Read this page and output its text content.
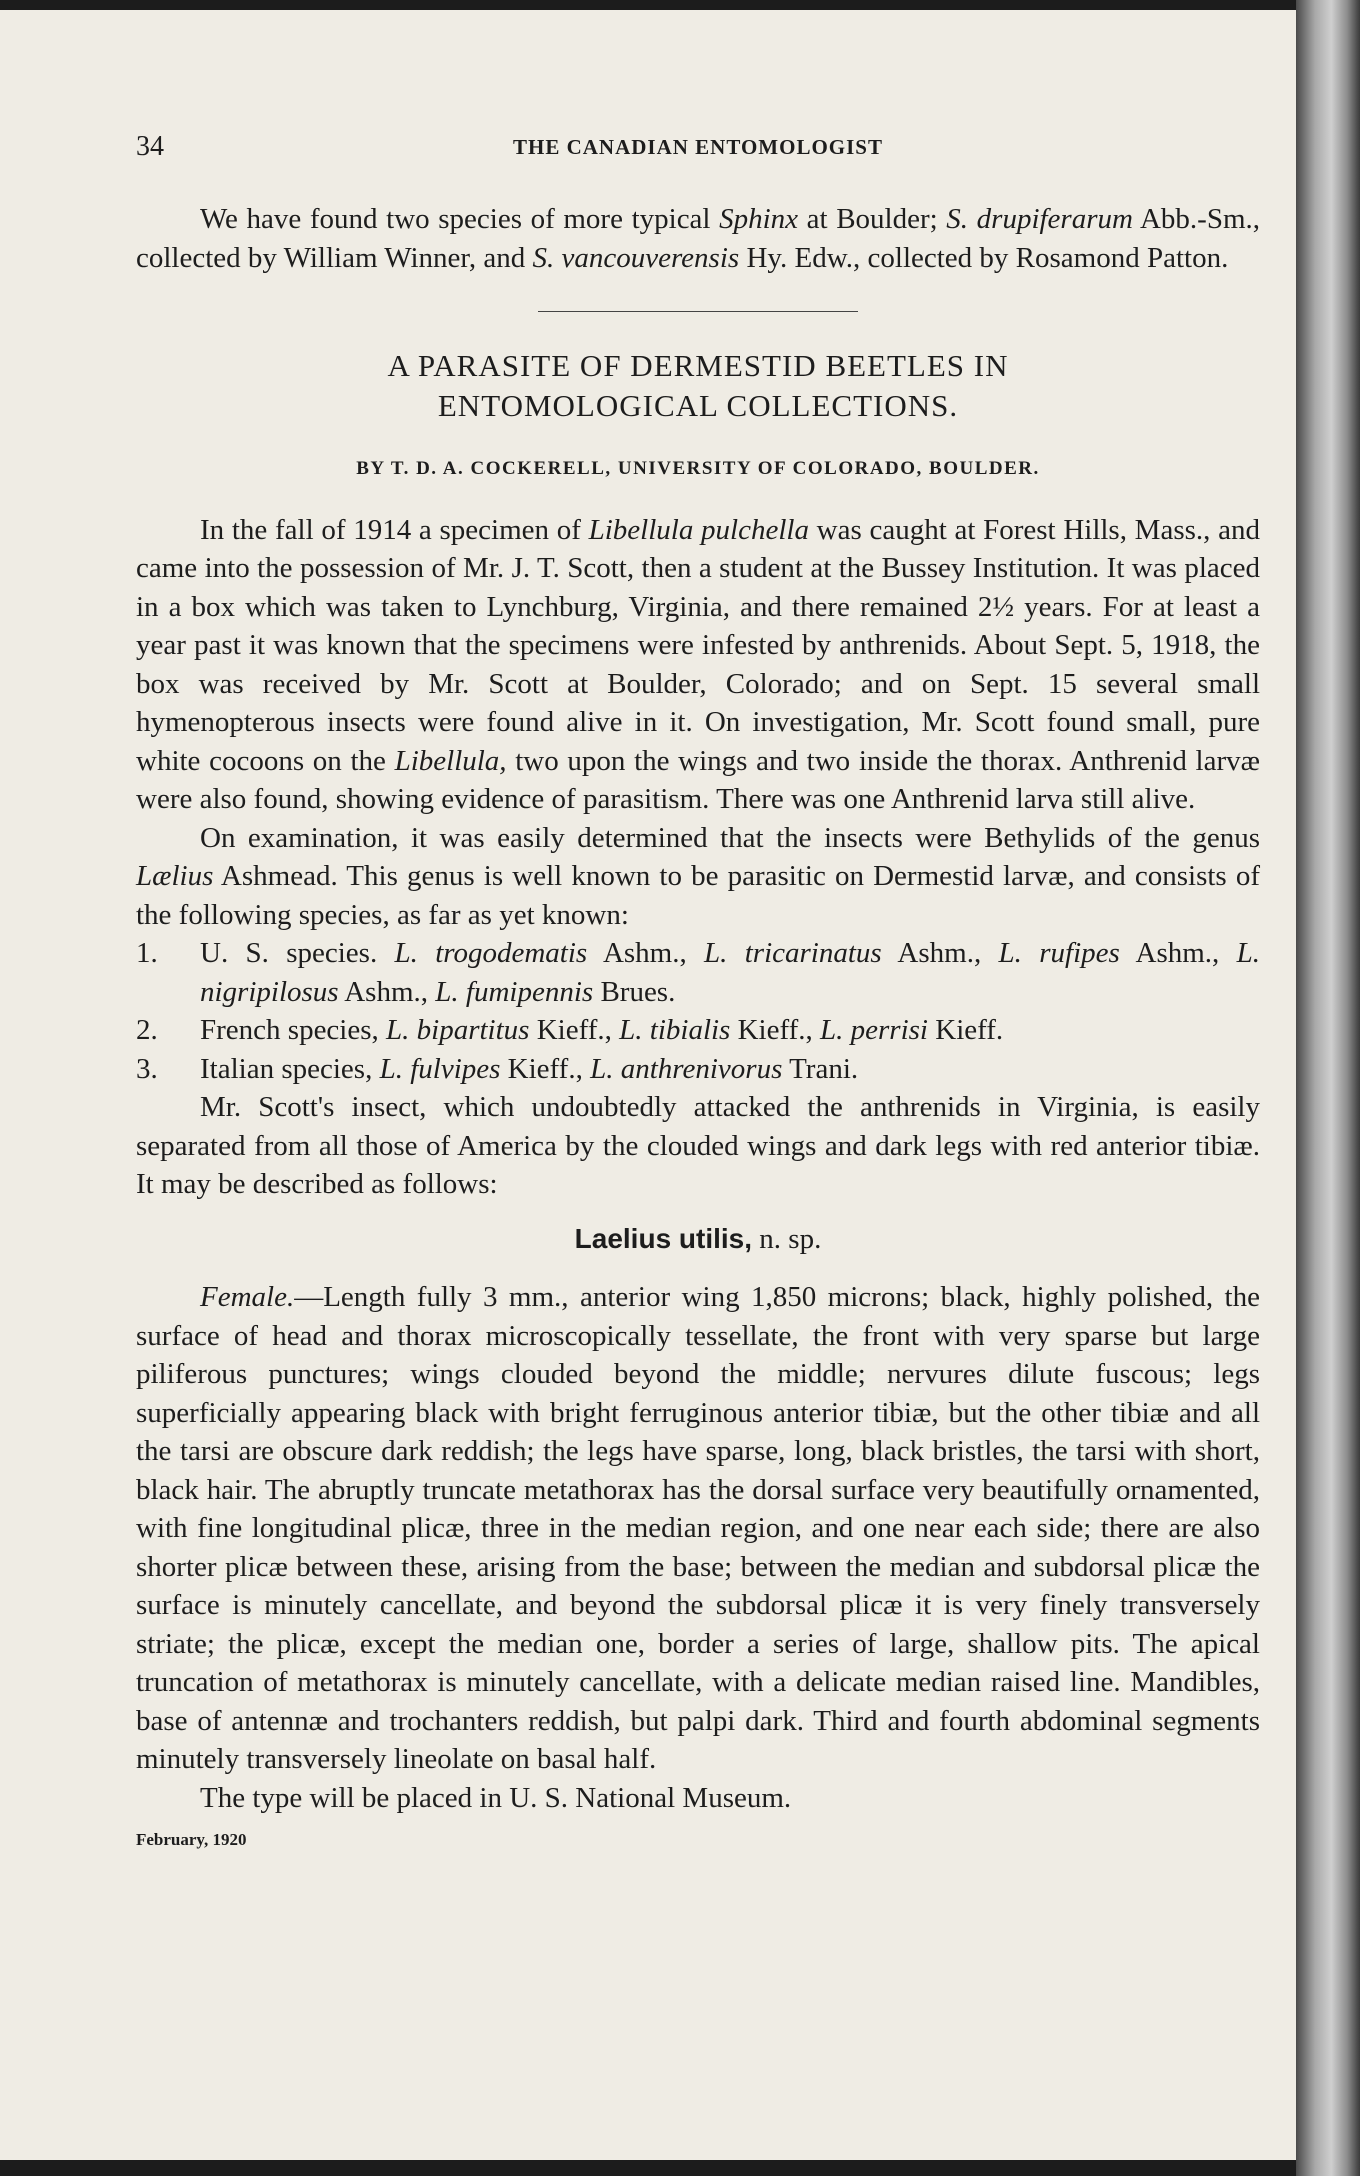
34	THE CANADIAN ENTOMOLOGIST

We have found two species of more typical Sphinx at Boulder; S. drupiferarum Abb.-Sm., collected by William Winner, and S. vancouverensis Hy. Edw., collected by Rosamond Patton.

A PARASITE OF DERMESTID BEETLES IN
ENTOMOLOGICAL COLLECTIONS.
BY T. D. A. COCKERELL, UNIVERSITY OF COLORADO, BOULDER.

In the fall of 1914 a specimen of Libellula pulchella was caught at Forest Hills, Mass., and came into the possession of Mr. J. T. Scott, then a student at the Bussey Institution. It was placed in a box which was taken to Lynchburg, Virginia, and there remained 2½ years. For at least a year past it was known that the specimens were infested by anthrenids. About Sept. 5, 1918, the box was received by Mr. Scott at Boulder, Colorado; and on Sept. 15 several small hymenopterous insects were found alive in it. On investigation, Mr. Scott found small, pure white cocoons on the Libellula, two upon the wings and two inside the thorax. Anthrenid larvæ were also found, showing evidence of parasitism. There was one Anthrenid larva still alive.

On examination, it was easily determined that the insects were Bethylids of the genus Lælius Ashmead. This genus is well known to be parasitic on Dermestid larvæ, and consists of the following species, as far as yet known:

1. U. S. species. L. trogodematis Ashm., L. tricarinatus Ashm., L. rufipes Ashm., L. nigripilosus Ashm., L. fumipennis Brues.
2. French species, L. bipartitus Kieff., L. tibialis Kieff., L. perrisi Kieff.
3. Italian species, L. fulvipes Kieff., L. anthrenivorus Trani.

Mr. Scott's insect, which undoubtedly attacked the anthrenids in Virginia, is easily separated from all those of America by the clouded wings and dark legs with red anterior tibiæ. It may be described as follows:

Laelius utilis, n. sp.

Female.—Length fully 3 mm., anterior wing 1,850 microns; black, highly polished, the surface of head and thorax microscopically tessellate, the front with very sparse but large piliferous punctures; wings clouded beyond the middle; nervures dilute fuscous; legs superficially appearing black with bright ferruginous anterior tibiæ, but the other tibiæ and all the tarsi are obscure dark reddish; the legs have sparse, long, black bristles, the tarsi with short, black hair. The abruptly truncate metathorax has the dorsal surface very beautifully ornamented, with fine longitudinal plicæ, three in the median region, and one near each side; there are also shorter plicæ between these, arising from the base; between the median and subdorsal plicæ the surface is minutely cancellate, and beyond the subdorsal plicæ it is very finely transversely striate; the plicæ, except the median one, border a series of large, shallow pits. The apical truncation of metathorax is minutely cancellate, with a delicate median raised line. Mandibles, base of antennæ and trochanters reddish, but palpi dark. Third and fourth abdominal segments minutely transversely lineolate on basal half.

The type will be placed in U. S. National Museum.

February, 1920
